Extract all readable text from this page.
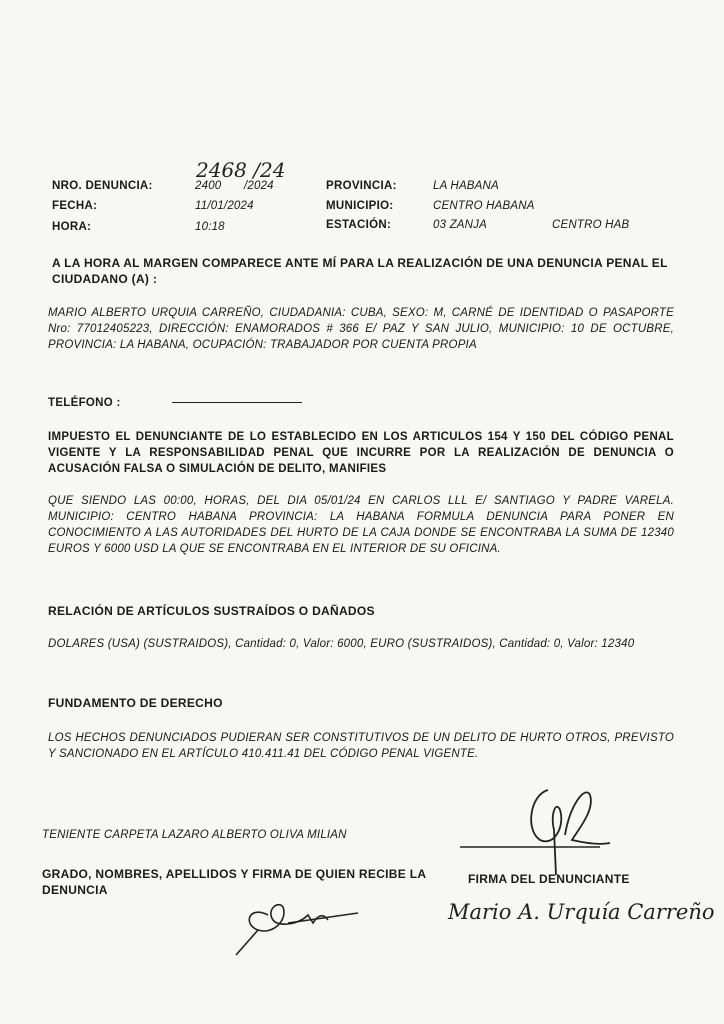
2468 /24
NRO. DENUNCIA:	2400 /2024
FECHA:	11/01/2024
HORA:	10:18
PROVINCIA:	LA HABANA
MUNICIPIO:	CENTRO HABANA
ESTACIÓN:	03 ZANJA	CENTRO HAB
A LA HORA AL MARGEN COMPARECE ANTE MÍ PARA LA REALIZACIÓN DE UNA DENUNCIA PENAL EL CIUDADANO (A) :
MARIO ALBERTO URQUIA CARREÑO, CIUDADANIA: CUBA, SEXO: M, CARNÉ DE IDENTIDAD O PASAPORTE Nro: 77012405223, DIRECCIÓN: ENAMORADOS # 366 E/ PAZ Y SAN JULIO, MUNICIPIO: 10 DE OCTUBRE, PROVINCIA: LA HABANA, OCUPACIÓN: TRABAJADOR POR CUENTA PROPIA
TELÉFONO :
IMPUESTO EL DENUNCIANTE DE LO ESTABLECIDO EN LOS ARTICULOS 154 Y 150 DEL CÓDIGO PENAL VIGENTE Y LA RESPONSABILIDAD PENAL QUE INCURRE POR LA REALIZACIÓN DE DENUNCIA O ACUSACIÓN FALSA O SIMULACIÓN DE DELITO, MANIFIES
QUE SIENDO LAS 00:00, HORAS, DEL DIA 05/01/24 EN CARLOS LLL E/ SANTIAGO Y PADRE VARELA. MUNICIPIO: CENTRO HABANA PROVINCIA: LA HABANA FORMULA DENUNCIA PARA PONER EN CONOCIMIENTO A LAS AUTORIDADES DEL HURTO DE LA CAJA DONDE SE ENCONTRABA LA SUMA DE 12340 EUROS Y 6000 USD LA QUE SE ENCONTRABA EN EL INTERIOR DE SU OFICINA.
RELACIÓN DE ARTÍCULOS SUSTRAÍDOS O DAÑADOS
DOLARES (USA) (SUSTRAIDOS), Cantidad: 0, Valor: 6000, EURO (SUSTRAIDOS), Cantidad: 0, Valor: 12340
FUNDAMENTO DE DERECHO
LOS HECHOS DENUNCIADOS PUDIERAN SER CONSTITUTIVOS DE UN DELITO DE HURTO OTROS, PREVISTO Y SANCIONADO EN EL ARTÍCULO 410.411.41 DEL CÓDIGO PENAL VIGENTE.
TENIENTE CARPETA LAZARO ALBERTO OLIVA MILIAN
GRADO, NOMBRES, APELLIDOS Y FIRMA DE QUIEN RECIBE LA DENUNCIA
FIRMA DEL DENUNCIANTE
Mario A. Urquía Carreño
